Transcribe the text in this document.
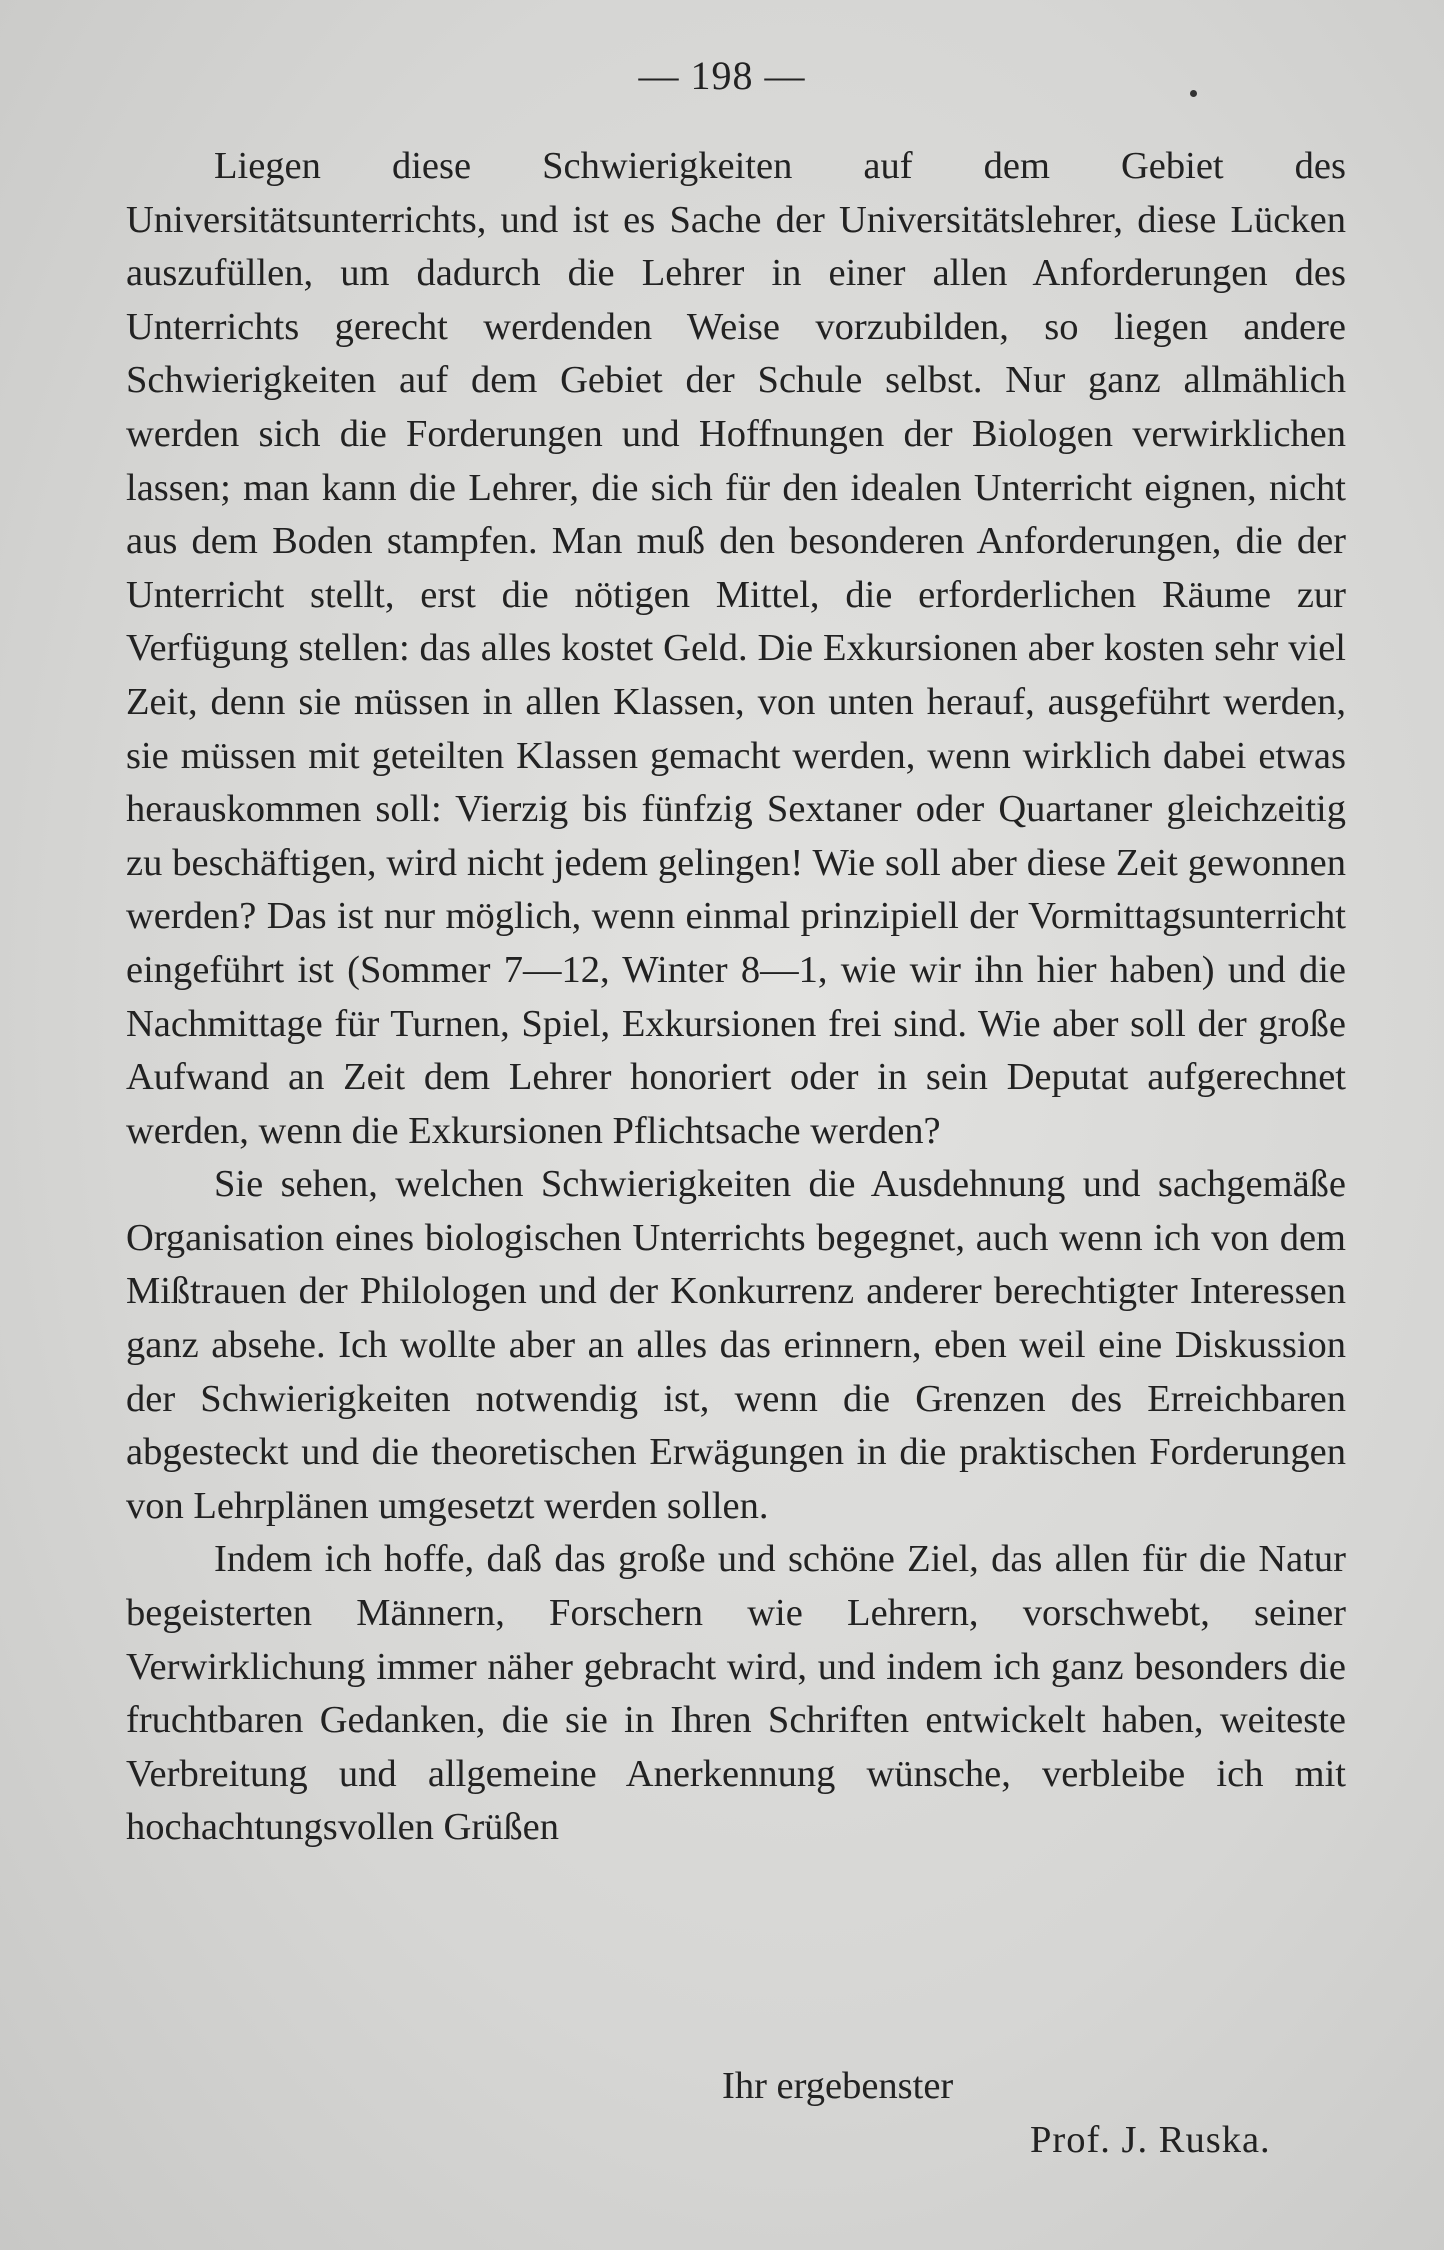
— 198 —

Liegen diese Schwierigkeiten auf dem Gebiet des Universitätsunterrichts, und ist es Sache der Universitätslehrer, diese Lücken auszufüllen, um dadurch die Lehrer in einer allen Anforderungen des Unterrichts gerecht werdenden Weise vorzubilden, so liegen andere Schwierigkeiten auf dem Gebiet der Schule selbst. Nur ganz allmählich werden sich die Forderungen und Hoffnungen der Biologen verwirklichen lassen; man kann die Lehrer, die sich für den idealen Unterricht eignen, nicht aus dem Boden stampfen. Man muß den besonderen Anforderungen, die der Unterricht stellt, erst die nötigen Mittel, die erforderlichen Räume zur Verfügung stellen: das alles kostet Geld. Die Exkursionen aber kosten sehr viel Zeit, denn sie müssen in allen Klassen, von unten herauf, ausgeführt werden, sie müssen mit geteilten Klassen gemacht werden, wenn wirklich dabei etwas herauskommen soll: Vierzig bis fünfzig Sextaner oder Quartaner gleichzeitig zu beschäftigen, wird nicht jedem gelingen! Wie soll aber diese Zeit gewonnen werden? Das ist nur möglich, wenn einmal prinzipiell der Vormittagsunterricht eingeführt ist (Sommer 7—12, Winter 8—1, wie wir ihn hier haben) und die Nachmittage für Turnen, Spiel, Exkursionen frei sind. Wie aber soll der große Aufwand an Zeit dem Lehrer honoriert oder in sein Deputat aufgerechnet werden, wenn die Exkursionen Pflichtsache werden?

Sie sehen, welchen Schwierigkeiten die Ausdehnung und sachgemäße Organisation eines biologischen Unterrichts begegnet, auch wenn ich von dem Mißtrauen der Philologen und der Konkurrenz anderer berechtigter Interessen ganz absehe. Ich wollte aber an alles das erinnern, eben weil eine Diskussion der Schwierigkeiten notwendig ist, wenn die Grenzen des Erreichbaren abgesteckt und die theoretischen Erwägungen in die praktischen Forderungen von Lehrplänen umgesetzt werden sollen.

Indem ich hoffe, daß das große und schöne Ziel, das allen für die Natur begeisterten Männern, Forschern wie Lehrern, vorschwebt, seiner Verwirklichung immer näher gebracht wird, und indem ich ganz besonders die fruchtbaren Gedanken, die sie in Ihren Schriften entwickelt haben, weiteste Verbreitung und allgemeine Anerkennung wünsche, verbleibe ich mit hochachtungsvollen Grüßen

Ihr ergebenster
Prof. J. Ruska.
